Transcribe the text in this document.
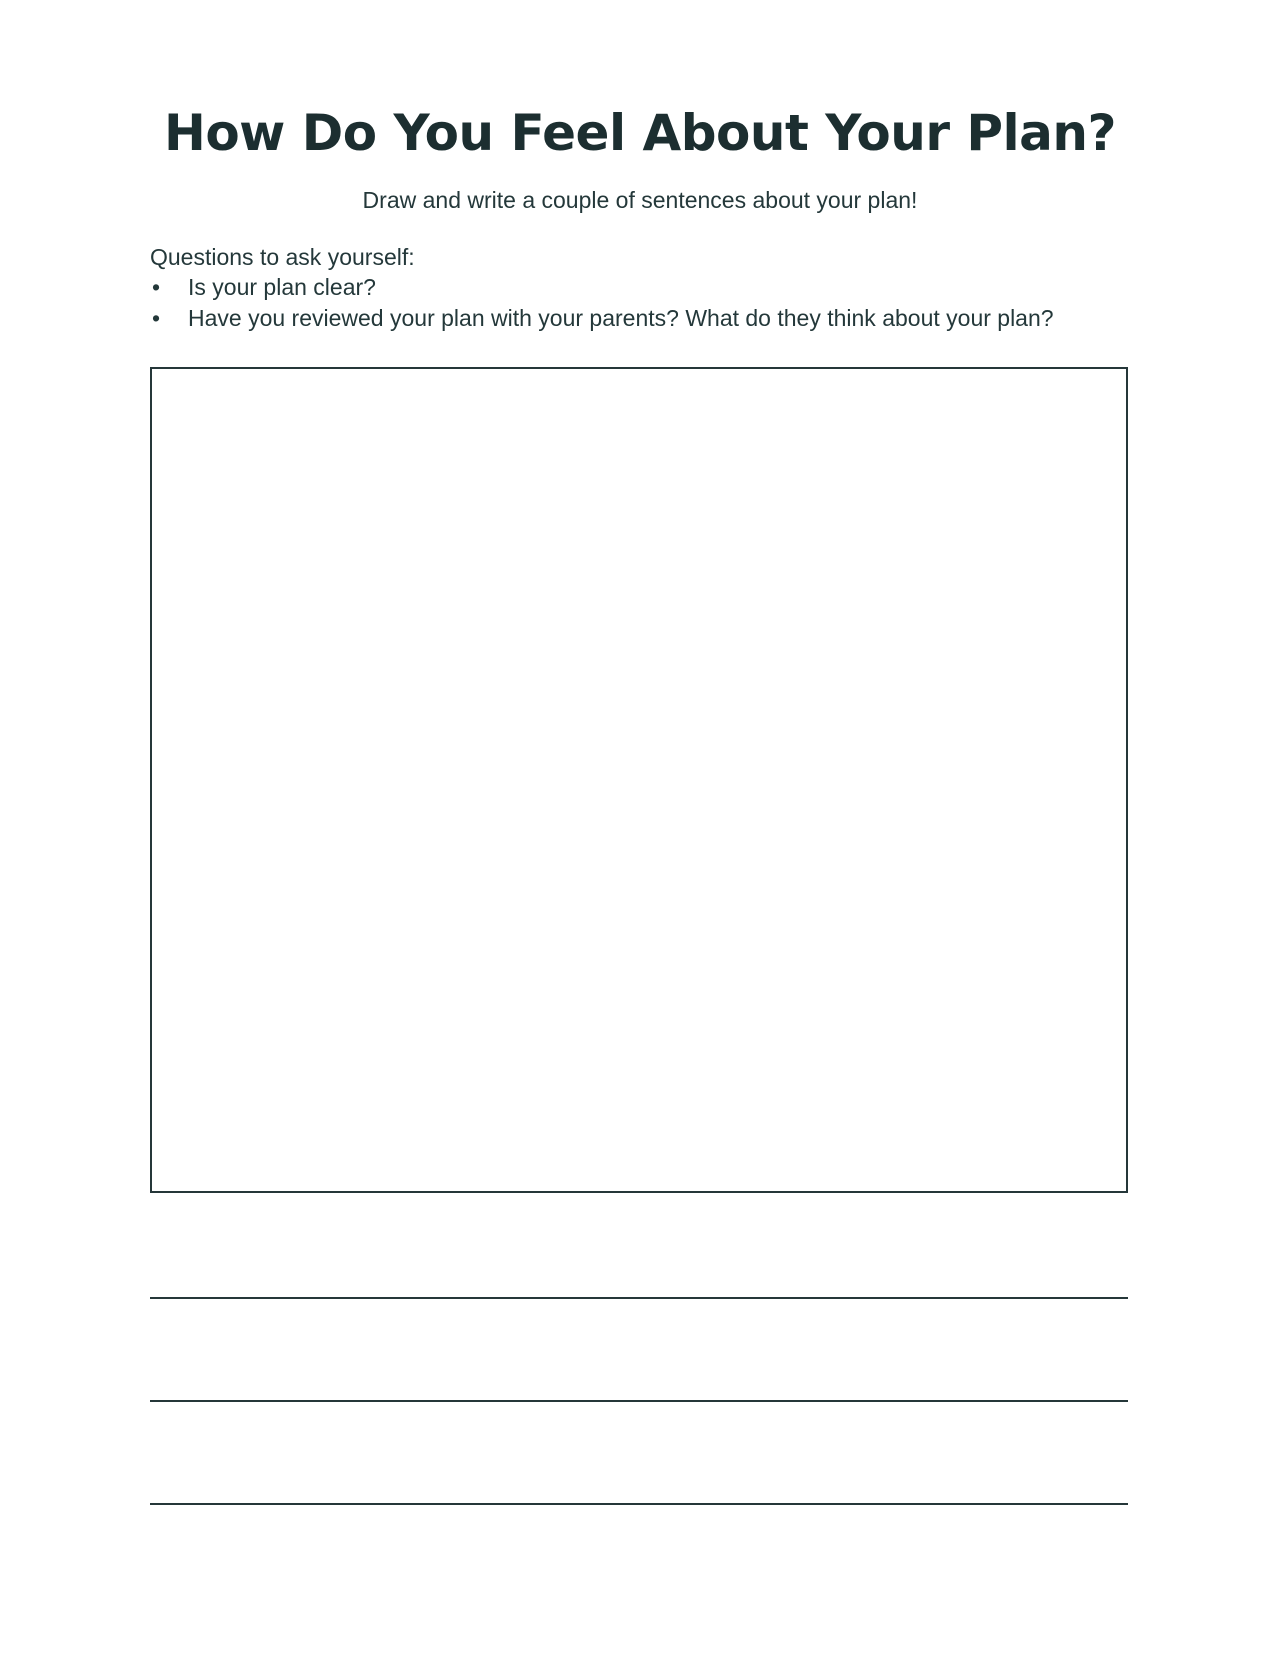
How Do You Feel About Your Plan?
Draw and write a couple of sentences about your plan!
Questions to ask yourself:
• Is your plan clear?
• Have you reviewed your plan with your parents? What do they think about your plan?
